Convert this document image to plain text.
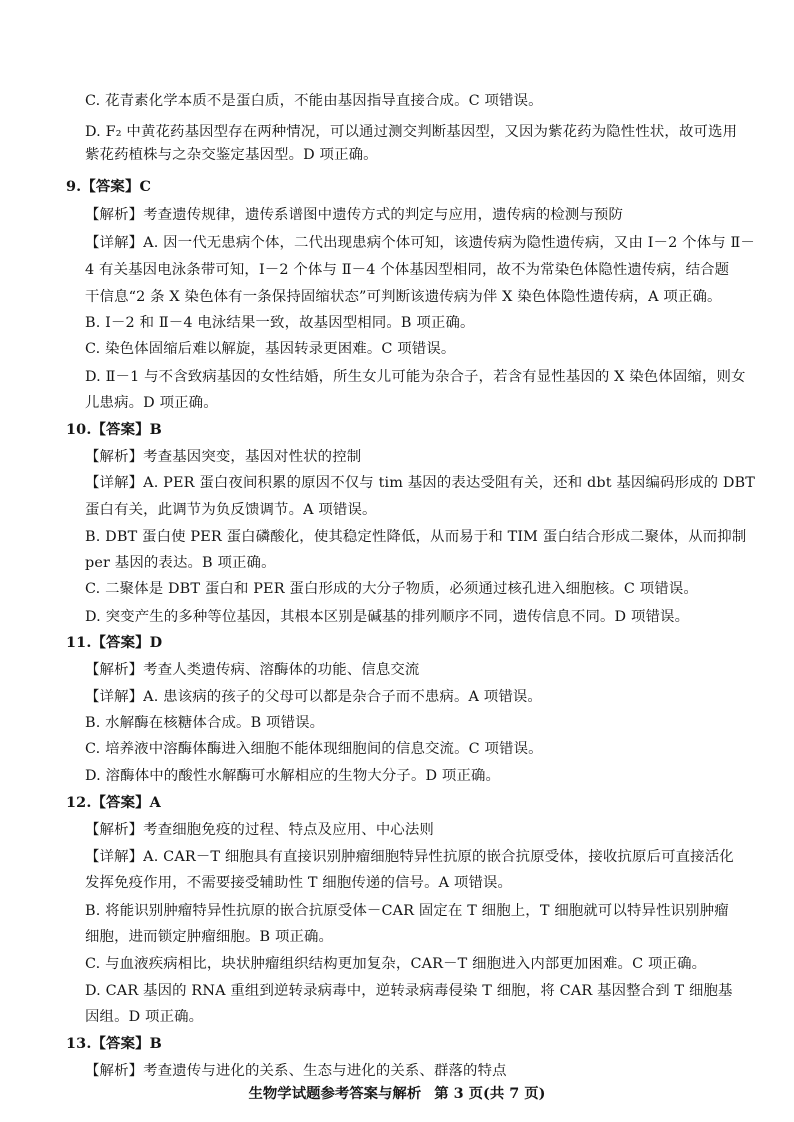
C. 花青素化学本质不是蛋白质，不能由基因指导直接合成。C 项错误。
D. F₂ 中黄花药基因型存在两种情况，可以通过测交判断基因型，又因为紫花药为隐性性状，故可选用
紫花药植株与之杂交鉴定基因型。D 项正确。
9.【答案】C
【解析】考查遗传规律，遗传系谱图中遗传方式的判定与应用，遗传病的检测与预防
【详解】A. 因一代无患病个体，二代出现患病个体可知，该遗传病为隐性遗传病，又由 Ⅰ－2 个体与 Ⅱ－
4 有关基因电泳条带可知，Ⅰ－2 个体与 Ⅱ－4 个体基因型相同，故不为常染色体隐性遗传病，结合题
干信息“2 条 X 染色体有一条保持固缩状态”可判断该遗传病为伴 X 染色体隐性遗传病，A 项正确。
B. Ⅰ－2 和 Ⅱ－4 电泳结果一致，故基因型相同。B 项正确。
C. 染色体固缩后难以解旋，基因转录更困难。C 项错误。
D. Ⅱ－1 与不含致病基因的女性结婚，所生女儿可能为杂合子，若含有显性基因的 X 染色体固缩，则女
儿患病。D 项正确。
10.【答案】B
【解析】考查基因突变，基因对性状的控制
【详解】A. PER 蛋白夜间积累的原因不仅与 tim 基因的表达受阻有关，还和 dbt 基因编码形成的 DBT
蛋白有关，此调节为负反馈调节。A 项错误。
B. DBT 蛋白使 PER 蛋白磷酸化，使其稳定性降低，从而易于和 TIM 蛋白结合形成二聚体，从而抑制
per 基因的表达。B 项正确。
C. 二聚体是 DBT 蛋白和 PER 蛋白形成的大分子物质，必须通过核孔进入细胞核。C 项错误。
D. 突变产生的多种等位基因，其根本区别是碱基的排列顺序不同，遗传信息不同。D 项错误。
11.【答案】D
【解析】考查人类遗传病、溶酶体的功能、信息交流
【详解】A. 患该病的孩子的父母可以都是杂合子而不患病。A 项错误。
B. 水解酶在核糖体合成。B 项错误。
C. 培养液中溶酶体酶进入细胞不能体现细胞间的信息交流。C 项错误。
D. 溶酶体中的酸性水解酶可水解相应的生物大分子。D 项正确。
12.【答案】A
【解析】考查细胞免疫的过程、特点及应用、中心法则
【详解】A. CAR－T 细胞具有直接识别肿瘤细胞特异性抗原的嵌合抗原受体，接收抗原后可直接活化
发挥免疫作用，不需要接受辅助性 T 细胞传递的信号。A 项错误。
B. 将能识别肿瘤特异性抗原的嵌合抗原受体－CAR 固定在 T 细胞上，T 细胞就可以特异性识别肿瘤
细胞，进而锁定肿瘤细胞。B 项正确。
C. 与血液疾病相比，块状肿瘤组织结构更加复杂，CAR－T 细胞进入内部更加困难。C 项正确。
D. CAR 基因的 RNA 重组到逆转录病毒中，逆转录病毒侵染 T 细胞，将 CAR 基因整合到 T 细胞基
因组。D 项正确。
13.【答案】B
【解析】考查遗传与进化的关系、生态与进化的关系、群落的特点
生物学试题参考答案与解析 第 3 页(共 7 页)
